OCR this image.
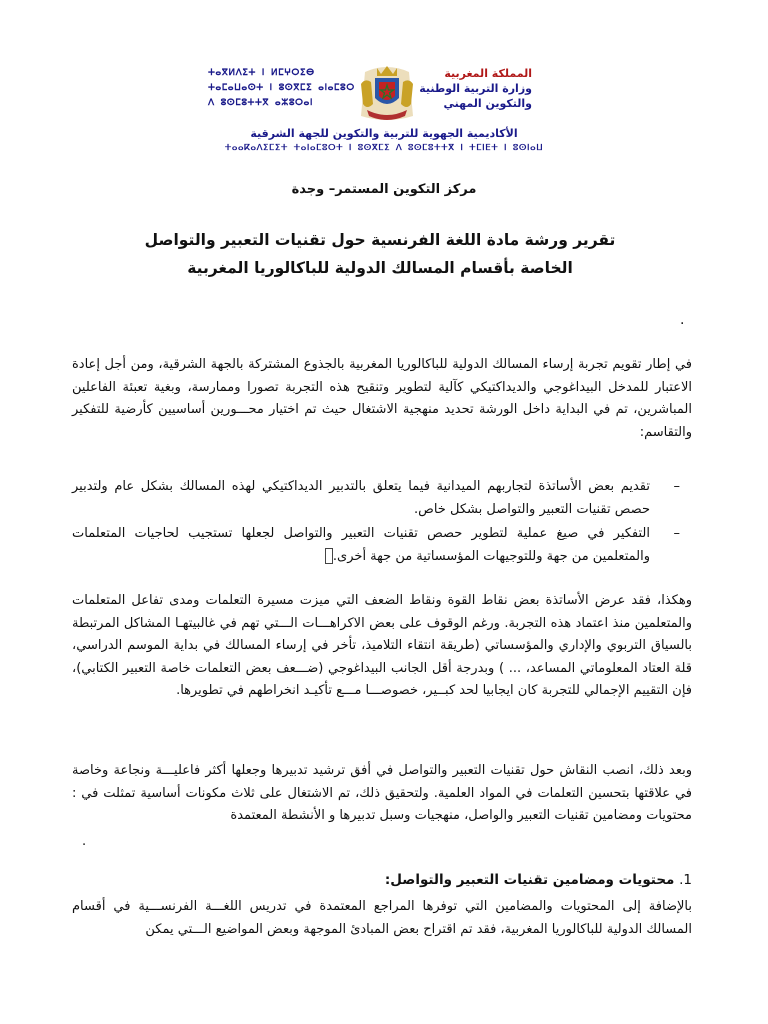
ⵜⴰⴳⵍⴷⵉⵜ ⵏ ⵍⵎⵖⵔⵉⴱ
ⵜⴰⵎⴰⵡⴰⵙⵜ ⵏ ⵓⵙⴳⵎⵉ ⴰⵏⴰⵎⵓⵔ
ⴷ ⵓⵙⵎⵓⵜⵜⴳ ⴰⵣⵓⵔⴰⵏ
المملكة المغربية
وزارة التربية الوطنية
والتكوين المهني
الأكاديمية الجهوية للتربية والتكوين للجهة الشرقية
ⵜⴰⴰⴽⴰⴷⵉⵎⵉⵜ ⵜⴰⵏⴰⵎⵓⵔⵜ ⵏ ⵓⵙⴳⵎⵉ ⴷ ⵓⵙⵎⵓⵜⵜⴳ ⵏ ⵜⵎⵏⴹⵜ ⵏ ⵓⵙⵏⴰⵡ
مركز التكوين المستمر– وجدة
تقرير ورشة مادة اللغة الفرنسية حول تقنيات التعبير والتواصل
الخاصة بأقسام المسالك الدولية للباكالوريا المغربية
.
في إطار تقويم تجربة إرساء المسالك الدولية للباكالوريا المغربية بالجذوع المشتركة بالجهة الشرقية، ومن أجل إعادة الاعتبار للمدخل البيداغوجي والديداكتيكي كآلية لتطوير وتنقيح هذه التجربة تصورا وممارسة، وبغية تعبئة الفاعلين المباشرين، تم في البداية داخل الورشة تحديد منهجية الاشتغال حيث تم اختيار محـــورين أساسيين كأرضية للتفكير والتقاسم:
–
تقديم بعض الأساتذة لتجاربهم الميدانية فيما يتعلق بالتدبير الديداكتيكي لهذه المسالك بشكل عام ولتدبير حصص تقنيات التعبير والتواصل بشكل خاص.
–
التفكير في صيغ عملية لتطوير حصص تقنيات التعبير والتواصل لجعلها تستجيب لحاجيات المتعلمات والمتعلمين من جهة وللتوجيهات المؤسساتية من جهة أخرى.
وهكذا، فقد عرض الأساتذة بعض نقاط القوة ونقاط الضعف التي ميزت مسيرة التعلمات ومدى تفاعل المتعلمات والمتعلمين منذ اعتماد هذه التجربة. ورغم الوقوف على بعض الاكراهـــات الـــتي تهم في غالبيتهـا المشاكل المرتبطة بالسياق التربوي والإداري والمؤسساتي (طريقة انتقاء التلاميذ، تأخر في إرساء المسالك في بداية الموسم الدراسي، قلة العتاد المعلوماتي المساعد، ... ) وبدرجة أقل الجانب البيداغوجي (ضـــعف بعض التعلمات خاصة التعبير الكتابي)، فإن التقييم الإجمالي للتجربة كان ايجابيا لحد كبــير، خصوصـــا مـــع تأكيـد انخراطهم في تطويرها.
وبعد ذلك، انصب النقاش حول تقنيات التعبير والتواصل في أفق ترشيد تدبيرها وجعلها أكثر فاعليـــة ونجاعة وخاصة في علاقتها بتحسين التعلمات في المواد العلمية. ولتحقيق ذلك، تم الاشتغال على ثلاث مكونات أساسية تمثلت في : محتويات ومضامين تقنيات التعبير والواصل، منهجيات وسبل تدبيرها و الأنشطة المعتمدة
.
1. محتويات ومضامين تقنيات التعبير والتواصل:
بالإضافة إلى المحتويات والمضامين التي توفرها المراجع المعتمدة في تدريس اللغـــة الفرنســـية في أقسام المسالك الدولية للباكالوريا المغربية، فقد تم اقتراح بعض المبادئ الموجهة وبعض المواضيع الـــتي يمكن
